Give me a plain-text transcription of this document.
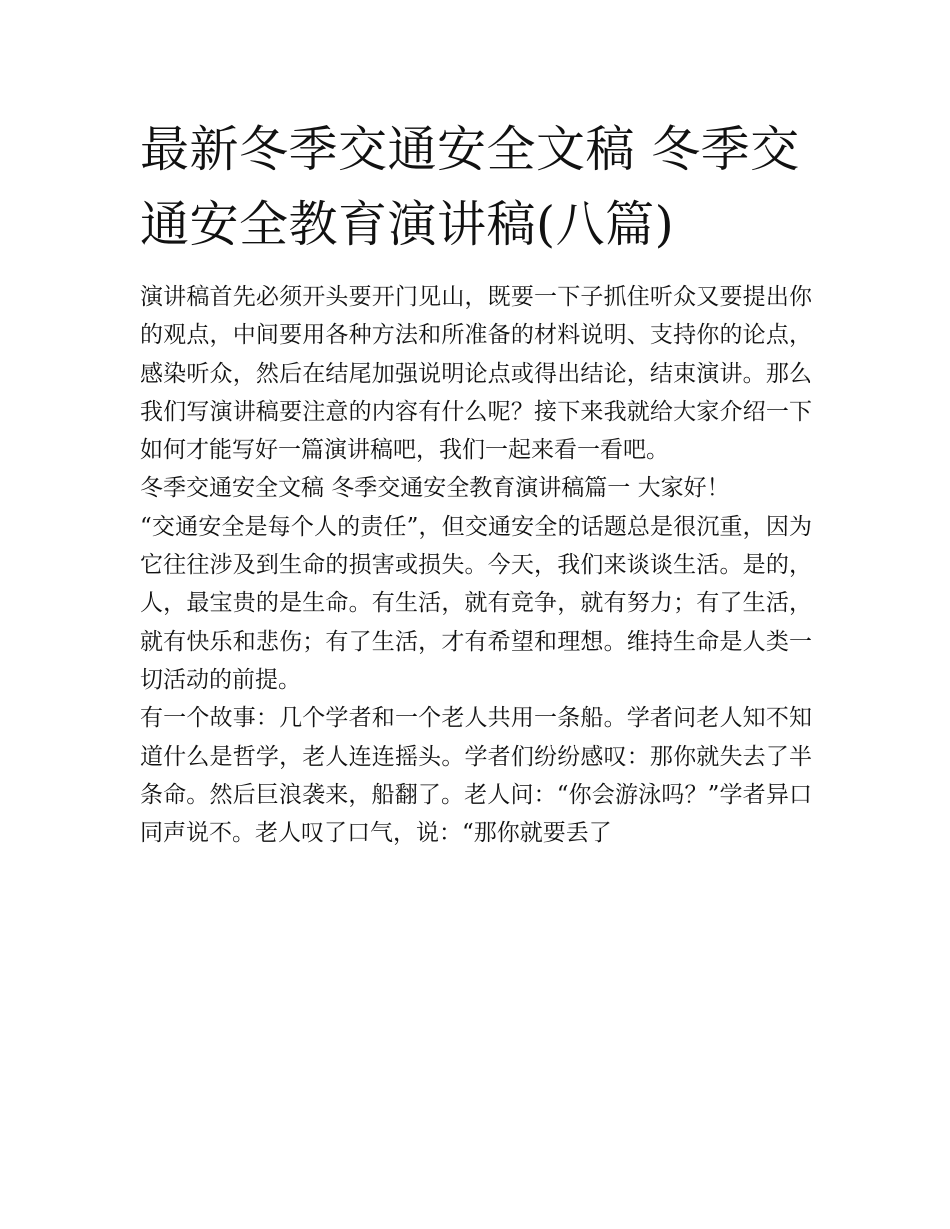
最新冬季交通安全文稿 冬季交通安全教育演讲稿(八篇)

演讲稿首先必须开头要开门见山，既要一下子抓住听众又要提出你的观点，中间要用各种方法和所准备的材料说明、支持你的论点，感染听众，然后在结尾加强说明论点或得出结论，结束演讲。那么我们写演讲稿要注意的内容有什么呢？接下来我就给大家介绍一下如何才能写好一篇演讲稿吧，我们一起来看一看吧。

冬季交通安全文稿 冬季交通安全教育演讲稿篇一 大家好！

“交通安全是每个人的责任”，但交通安全的话题总是很沉重，因为它往往涉及到生命的损害或损失。今天，我们来谈谈生活。是的，人，最宝贵的是生命。有生活，就有竞争，就有努力；有了生活，就有快乐和悲伤；有了生活，才有希望和理想。维持生命是人类一切活动的前提。

有一个故事：几个学者和一个老人共用一条船。学者问老人知不知道什么是哲学，老人连连摇头。学者们纷纷感叹：那你就失去了半条命。然后巨浪袭来，船翻了。老人问：“你会游泳吗？”学者异口同声说不。老人叹了口气，说：“那你就要丢了
